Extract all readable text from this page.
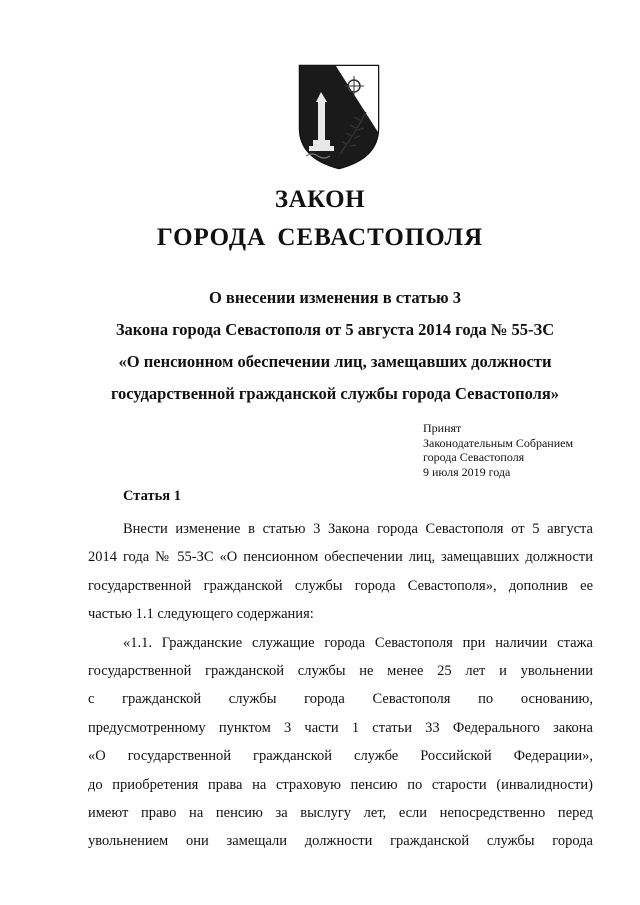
ЗАКОН
ГОРОДА СЕВАСТОПОЛЯ
О внесении изменения в статью 3
Закона города Севастополя от 5 августа 2014 года № 55-ЗС
«О пенсионном обеспечении лиц, замещавших должности
государственной гражданской службы города Севастополя»
Принят
Законодательным Собранием
города Севастополя
9 июля 2019 года
Статья 1
Внести изменение в статью 3 Закона города Севастополя от 5 августа
2014 года № 55-ЗС «О пенсионном обеспечении лиц, замещавших должности
государственной гражданской службы города Севастополя», дополнив ее
частью 1.1 следующего содержания:
«1.1. Гражданские служащие города Севастополя при наличии стажа
государственной гражданской службы не менее 25 лет и увольнении
с гражданской службы города Севастополя по основанию,
предусмотренному пунктом 3 части 1 статьи 33 Федерального закона
«О государственной гражданской службе Российской Федерации»,
до приобретения права на страховую пенсию по старости (инвалидности)
имеют право на пенсию за выслугу лет, если непосредственно перед
увольнением они замещали должности гражданской службы города
